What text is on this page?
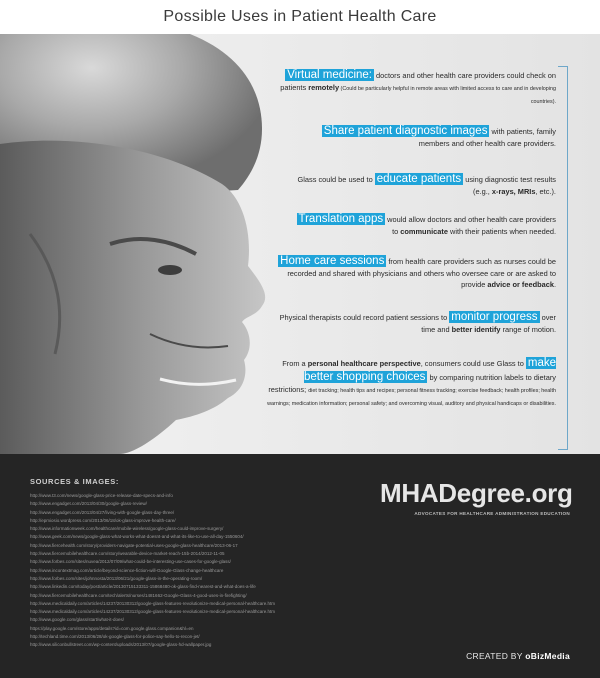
Possible Uses in Patient Health Care
Virtual medicine: doctors and other health care providers could check on patients remotely (Could be particularly helpful in remote areas with limited access to care and in developing countries).
Share patient diagnostic images with patients, family members and other health care providers.
Glass could be used to educate patients using diagnostic test results (e.g., x-rays, MRIs, etc.).
Translation apps would allow doctors and other health care providers to communicate with their patients when needed.
Home care sessions from health care providers such as nurses could be recorded and shared with physicians and others who oversee care or are asked to provide advice or feedback.
Physical therapists could record patient sessions to monitor progress over time and better identify range of motion.
From a personal healthcare perspective, consumers could use Glass to make better shopping choices by comparing nutrition labels to dietary restrictions; diet tracking; health tips and recipes; personal fitness tracking; exercise feedback; health profiles; health warnings; medication information; personal safety; and overcoming visual, auditory and physical handicaps or disabilities.
SOURCES & IMAGES:
http://www.t3.com/news/google-glass-price-release-date-specs-and-info
http://www.engadget.com/2013/04/30/google-glass-review/
http://www.engadget.com/2013/04/27/living-with-google-glass-day-three/
http://epmiosio.wordpress.com/2013/06/18/ok-glass-improve-health-care/
http://www.informationweek.com/healthcare/mobile-wireless/google-glass-could-improve-surgery/
http://www.geek.com/news/google-glass-what-works-what-doesnt-and-what-its-like-to-use-all-day-1550604/
http://www.fiercehealth.com/story/providers-navigate-potential-uses-google-glass-healthcare/2013-06-17
http://www.fiercemobilehealthcare.com/story/wearable-device-market-reach-15b-2014/2012-11-05
http://www.forbes.com/sites/nuvea/2012/07/09/what-could-be-interesting-use-cases-for-google-glass/
http://www.incontextmag.com/article/beyond-science-fiction-will-Google-Glass-change-healthcare
http://www.forbes.com/sites/johnnosta/2013/06/21/google-glass-in-the-operating-room/
http://www.linkedin.com/today/post/article/20130715133311-15868480-ok-glass-find-nearest-and-what-does-a-life
http://www.fiercemobilehealthcare.com/tech/alerts/nurses/1481662-Google-Glass-4-good-uses-in-firefighting/
http://www.medicaldaily.com/articles/14237/20130312/google-glass-features-revolutionize-medical-personal-healthcare.htm
http://www.medicaldaily.com/articles/14237/20130312/google-glass-features-revolutionize-medical-personal-healthcare.htm
http://www.google.com/glass/start/what-it-does/
https://play.google.com/store/apps/details?id=com.google.glass.companion&hl=en
http://techland.time.com/2013/06/28/ok-google-glass-for-police-say-hello-to-recon-jet/
http://www.siliconbullstreet.com/wp-content/uploads/2013/07/google-glass-hd-wallpaper.jpg
MHADegree.org
ADVOCATES FOR HEALTHCARE ADMINISTRATION EDUCATION
CREATED BY oBizMedia
